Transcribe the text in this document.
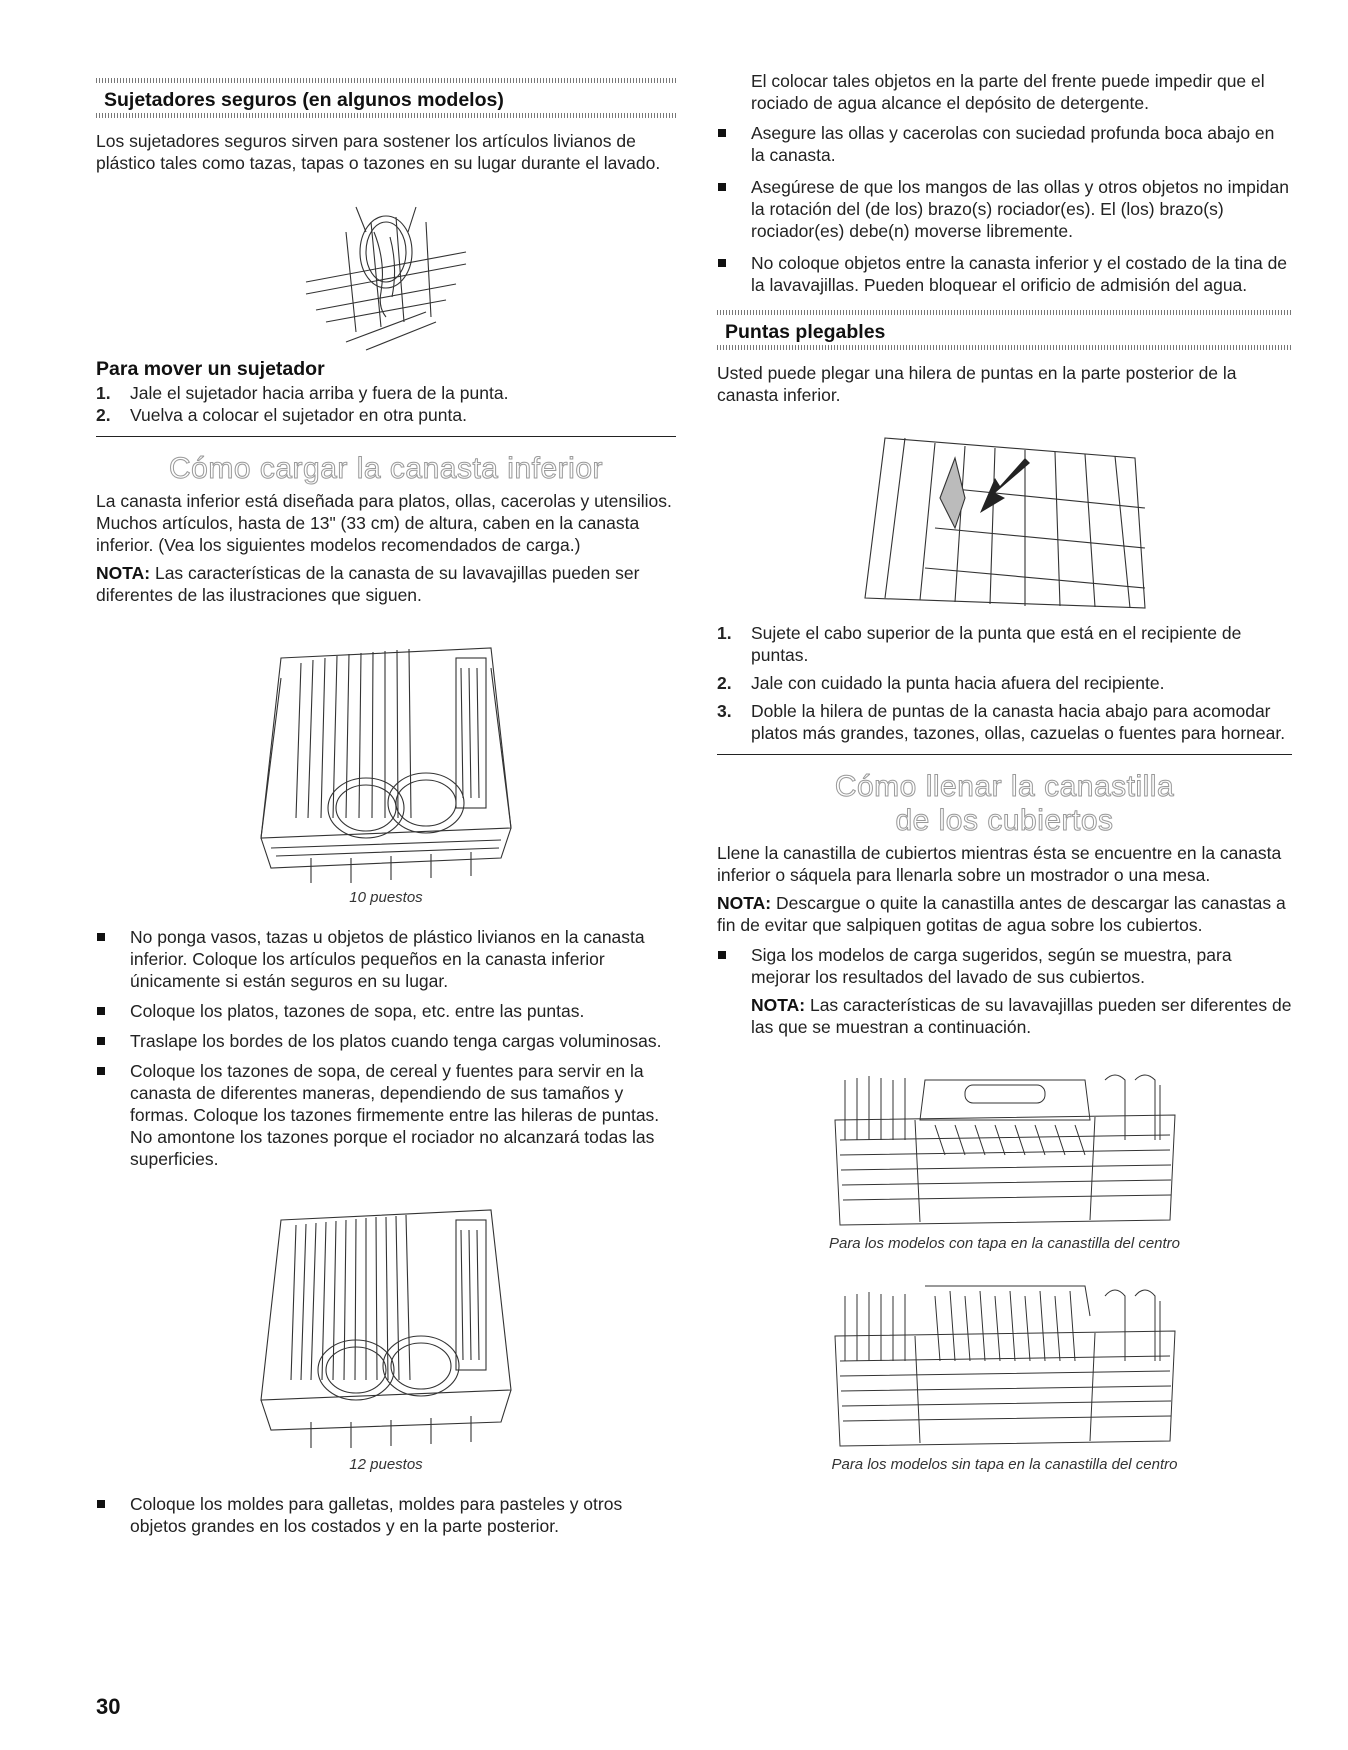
Sujetadores seguros (en algunos modelos)

Los sujetadores seguros sirven para sostener los artículos livianos de plástico tales como tazas, tapas o tazones en su lugar durante el lavado.

Para mover un sujetador
1. Jale el sujetador hacia arriba y fuera de la punta.
2. Vuelva a colocar el sujetador en otra punta.
Cómo cargar la canasta inferior

La canasta inferior está diseñada para platos, ollas, cacerolas y utensilios. Muchos artículos, hasta de 13" (33 cm) de altura, caben en la canasta inferior. (Vea los siguientes modelos recomendados de carga.)

NOTA: Las características de la canasta de su lavavajillas pueden ser diferentes de las ilustraciones que siguen.

10 puestos
No ponga vasos, tazas u objetos de plástico livianos en la canasta inferior. Coloque los artículos pequeños en la canasta inferior únicamente si están seguros en su lugar.
Coloque los platos, tazones de sopa, etc. entre las puntas.
Traslape los bordes de los platos cuando tenga cargas voluminosas.
Coloque los tazones de sopa, de cereal y fuentes para servir en la canasta de diferentes maneras, dependiendo de sus tamaños y formas. Coloque los tazones firmemente entre las hileras de puntas. No amontone los tazones porque el rociador no alcanzará todas las superficies.
12 puestos
Coloque los moldes para galletas, moldes para pasteles y otros objetos grandes en los costados y en la parte posterior.

El colocar tales objetos en la parte del frente puede impedir que el rociado de agua alcance el depósito de detergente.

Asegure las ollas y cacerolas con suciedad profunda boca abajo en la canasta.
Asegúrese de que los mangos de las ollas y otros objetos no impidan la rotación del (de los) brazo(s) rociador(es). El (los) brazo(s) rociador(es) debe(n) moverse libremente.
No coloque objetos entre la canasta inferior y el costado de la tina de la lavavajillas. Pueden bloquear el orificio de admisión del agua.
Puntas plegables

Usted puede plegar una hilera de puntas en la parte posterior de la canasta inferior.

1. Sujete el cabo superior de la punta que está en el recipiente de puntas.
2. Jale con cuidado la punta hacia afuera del recipiente.
3. Doble la hilera de puntas de la canasta hacia abajo para acomodar platos más grandes, tazones, ollas, cazuelas o fuentes para hornear.
Cómo llenar la canastilla
de los cubiertos

Llene la canastilla de cubiertos mientras ésta se encuentre en la canasta inferior o sáquela para llenarla sobre un mostrador o una mesa.

NOTA: Descargue o quite la canastilla antes de descargar las canastas a fin de evitar que salpiquen gotitas de agua sobre los cubiertos.

Siga los modelos de carga sugeridos, según se muestra, para mejorar los resultados del lavado de sus cubiertos.

NOTA: Las características de su lavavajillas pueden ser diferentes de las que se muestran a continuación.

Para los modelos con tapa en la canastilla del centro
Para los modelos sin tapa en la canastilla del centro
30
